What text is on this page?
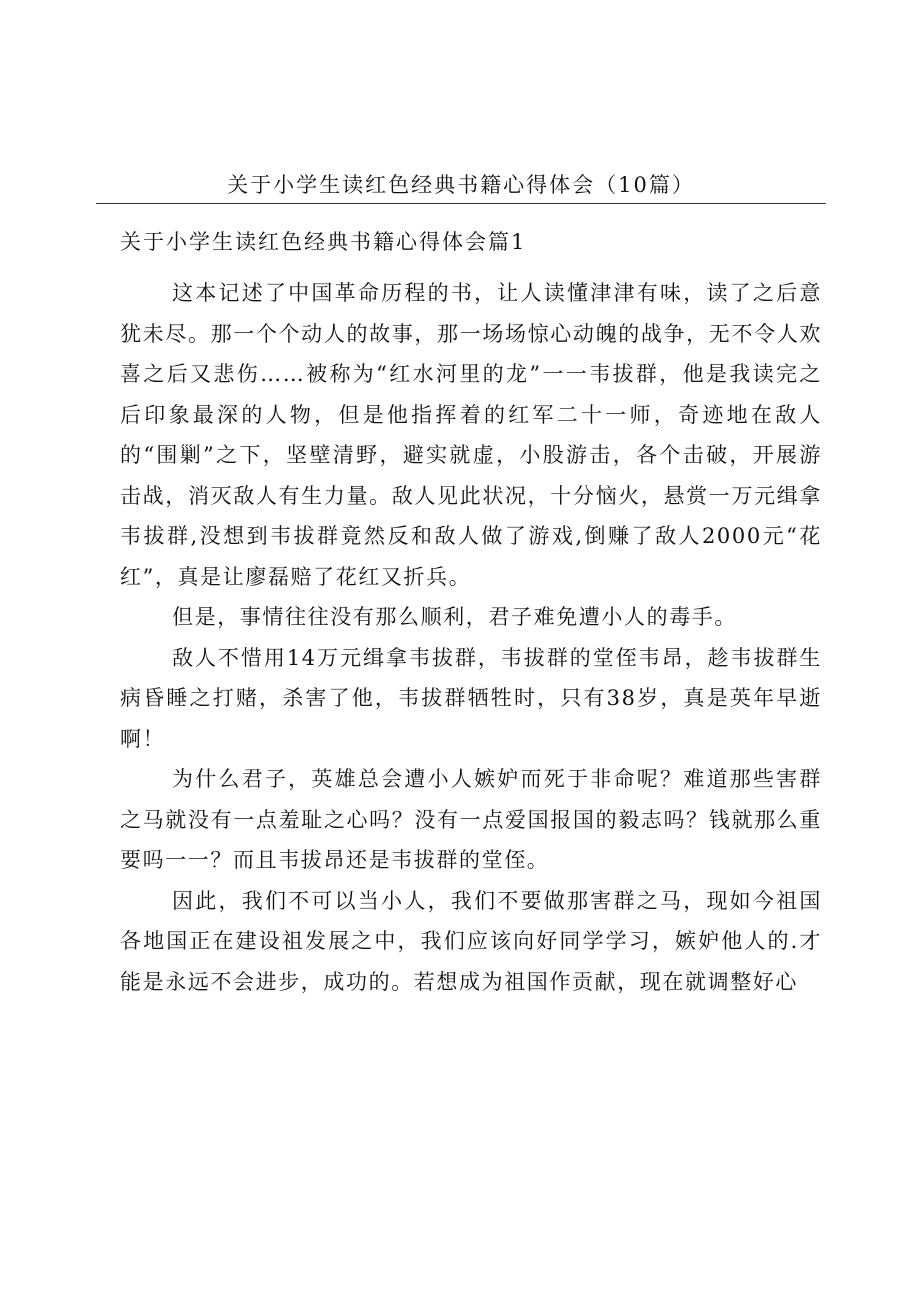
关于小学生读红色经典书籍心得体会（10篇）
关于小学生读红色经典书籍心得体会篇1

这本记述了中国革命历程的书，让人读懂津津有味，读了之后意犹未尽。那一个个动人的故事，那一场场惊心动魄的战争，无不令人欢喜之后又悲伤……被称为“红水河里的龙”一一韦拔群，他是我读完之后印象最深的人物，但是他指挥着的红军二十一师，奇迹地在敌人的“围剿”之下，坚壁清野，避实就虚，小股游击，各个击破，开展游击战，消灭敌人有生力量。敌人见此状况，十分恼火，悬赏一万元缉拿韦拔群,没想到韦拔群竟然反和敌人做了游戏,倒赚了敌人2000元“花红”，真是让廖磊赔了花红又折兵。

但是，事情往往没有那么顺利，君子难免遭小人的毒手。

敌人不惜用14万元缉拿韦拔群，韦拔群的堂侄韦昂，趁韦拔群生病昏睡之打赌，杀害了他，韦拔群牺牲时，只有38岁，真是英年早逝啊！

为什么君子，英雄总会遭小人嫉妒而死于非命呢？难道那些害群之马就没有一点羞耻之心吗？没有一点爱国报国的毅志吗？钱就那么重要吗一一？而且韦拔昂还是韦拔群的堂侄。

因此，我们不可以当小人，我们不要做那害群之马，现如今祖国各地国正在建设祖发展之中，我们应该向好同学学习，嫉妒他人的.才能是永远不会进步，成功的。若想成为祖国作贡献，现在就调整好心
